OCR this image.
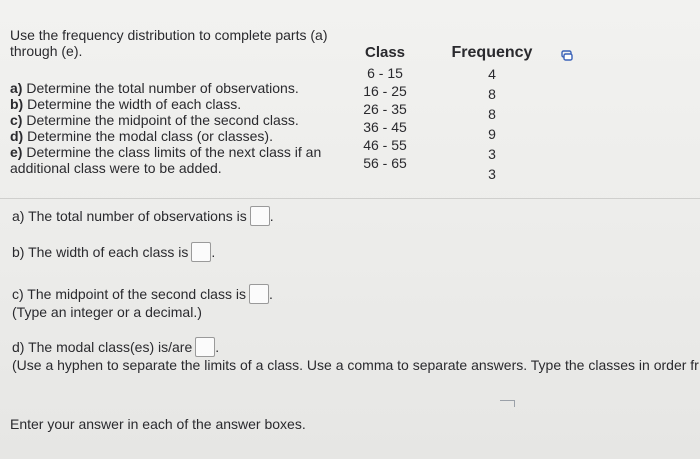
Use the frequency distribution to complete parts (a) through (e).

a) Determine the total number of observations.

b) Determine the width of each class.

c) Determine the midpoint of the second class.

d) Determine the modal class (or classes).

e) Determine the class limits of the next class if an additional class were to be added.

Class
6 - 15
16 - 25
26 - 35
36 - 45
46 - 55
56 - 65
Frequency
4
8
8
9
3
3
a) The total number of observations is .
b) The width of each class is .
c) The midpoint of the second class is .
(Type an integer or a decimal.)
d) The modal class(es) is/are .
(Use a hyphen to separate the limits of a class. Use a comma to separate answers. Type the classes in order fr
Enter your answer in each of the answer boxes.
